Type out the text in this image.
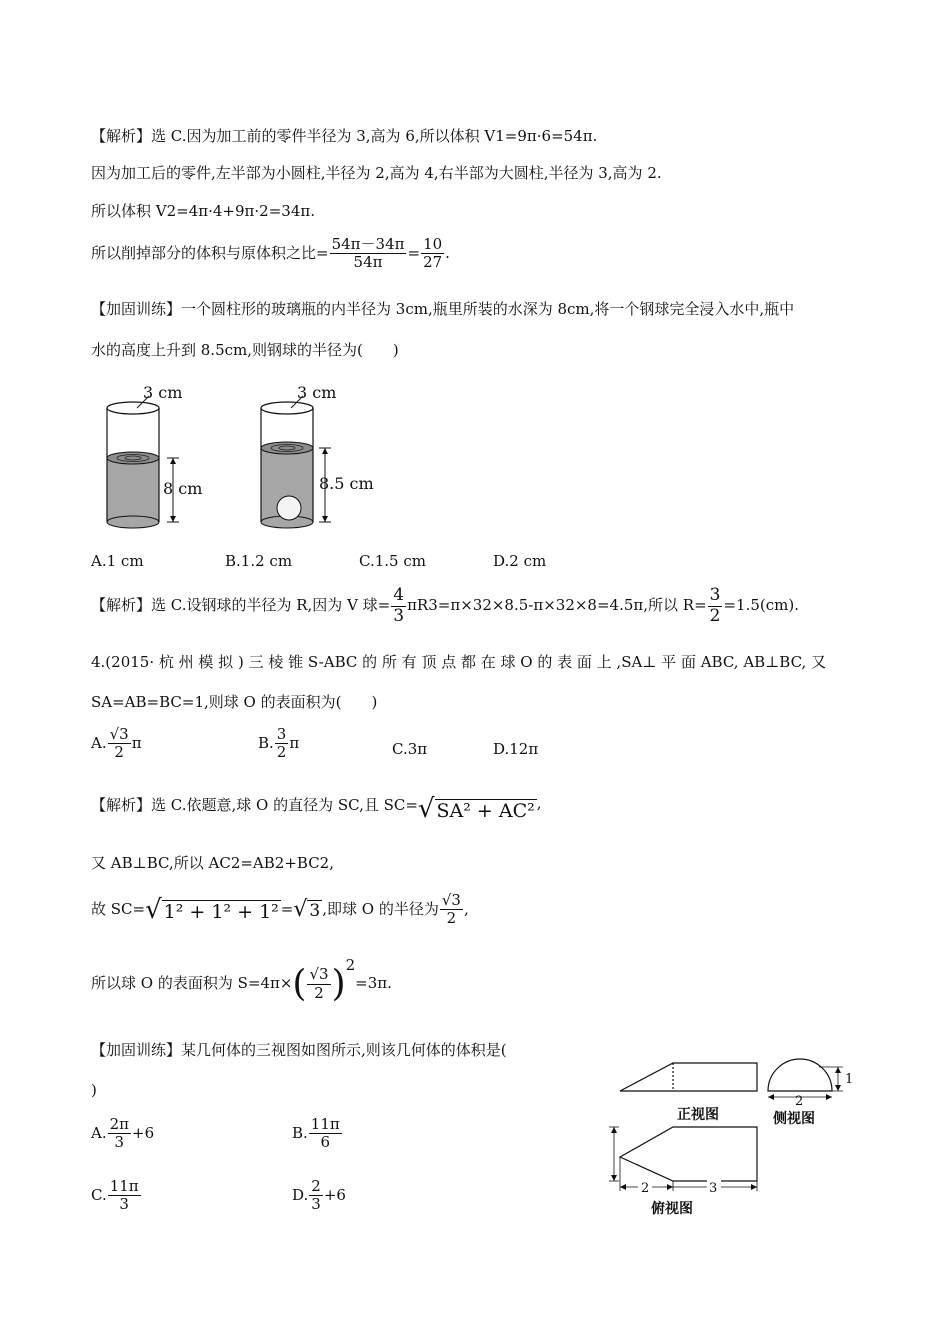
【解析】选 C.因为加工前的零件半径为 3,高为 6,所以体积 V1=9π·6=54π.
因为加工后的零件,左半部为小圆柱,半径为 2,高为 4,右半部为大圆柱,半径为 3,高为 2.
所以体积 V2=4π·4+9π·2=34π.
所以削掉部分的体积与原体积之比= $\frac{54\pi-34\pi}{54\pi} = \frac{10}{27}$ .
【加固训练】一个圆柱形的玻璃瓶的内半径为 3cm,瓶里所装的水深为 8cm,将一个钢球完全浸入水中,瓶中
水的高度上升到 8.5cm,则钢球的半径为(　　)
3 cm
8 cm
3 cm
8.5 cm
A.1 cm	B.1.2 cm	C.1.5 cm	D.2 cm
【解析】选 C.设钢球的半径为 R,因为 V 球= $\frac{4}{3} \pi R3=\pi\times 32\times 8.5-\pi\times 32\times 8=4.5\pi$,所以 $R= \frac{3}{2} =1.5(cm)$.
4.(2015· 杭 州 模 拟 ) 三 棱 锥 S-ABC 的 所 有 顶 点 都 在 球 O 的 表 面 上 ,SA⊥ 平 面 ABC, AB⊥BC, 又
SA=AB=BC=1,则球 O 的表面积为(　　)
A. $\frac{√3}{2}$ π	B. $\frac{3}{2}$ π	C.3π	D.12π
【解析】选 C.依题意,球 O 的直径为 SC,且 SC=√ SA² + AC² ,
又 AB⊥BC,所以 AC2=AB2+BC2,
故 SC=√ 1² + 1² + 1² =√ 3 ,即球 O 的半径为 $\frac{√3}{2}$ ,
所以球 O 的表面积为 $S=4\pi\times( \frac{√3}{2} )^2=3\pi$.
【加固训练】某几何体的三视图如图所示,则该几何体的体积是(
)
A. $\frac{2\pi}{3} +6$	B. $\frac{11\pi}{6}$
C. $\frac{11\pi}{3}$	D. $\frac{2}{3} +6$
正视图
1
2
侧视图
2	3
俯视图
